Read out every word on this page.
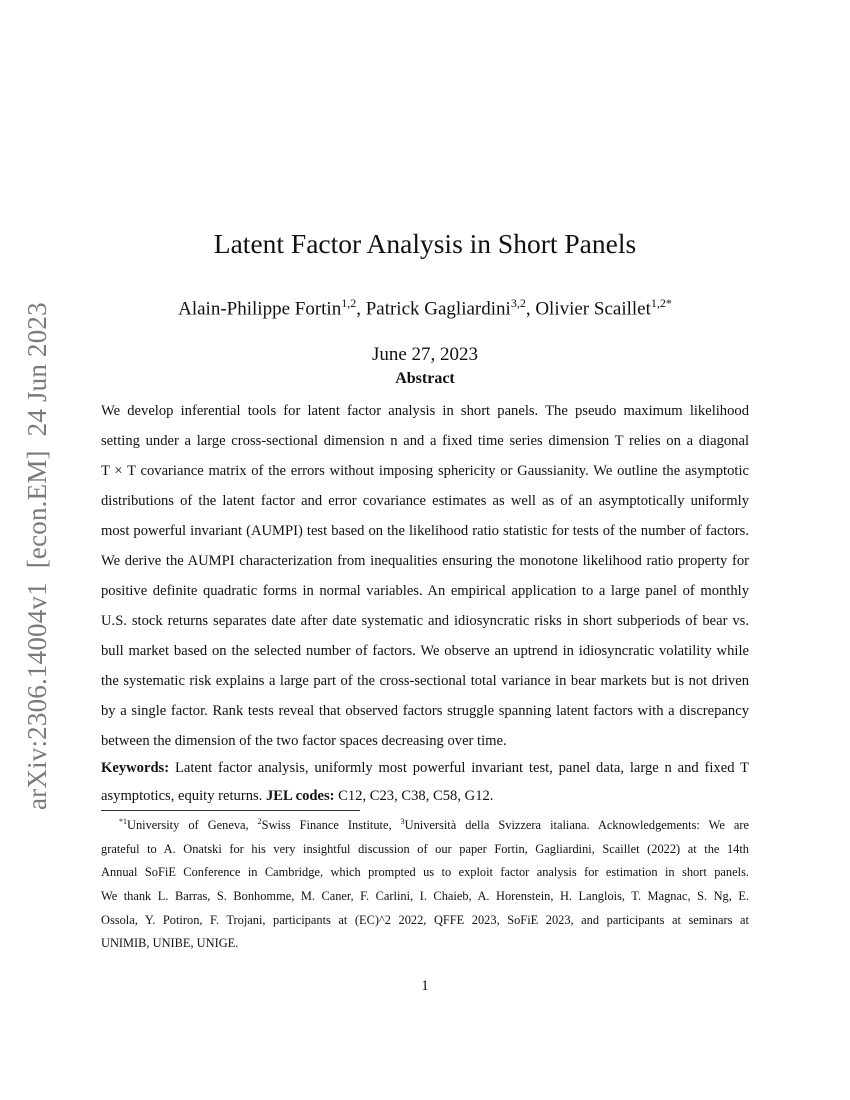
arXiv:2306.14004v1  [econ.EM]  24 Jun 2023
Latent Factor Analysis in Short Panels
Alain-Philippe Fortin$^{1,2}$, Patrick Gagliardini$^{3,2}$, Olivier Scaillet$^{1,2*}$
June 27, 2023
Abstract
We develop inferential tools for latent factor analysis in short panels. The pseudo maximum likelihood
setting under a large cross-sectional dimension n and a fixed time series dimension T relies on a diagonal
T × T covariance matrix of the errors without imposing sphericity or Gaussianity. We outline the asymptotic
distributions of the latent factor and error covariance estimates as well as of an asymptotically uniformly
most powerful invariant (AUMPI) test based on the likelihood ratio statistic for tests of the number of factors.
We derive the AUMPI characterization from inequalities ensuring the monotone likelihood ratio property for
positive definite quadratic forms in normal variables. An empirical application to a large panel of monthly
U.S. stock returns separates date after date systematic and idiosyncratic risks in short subperiods of bear vs.
bull market based on the selected number of factors. We observe an uptrend in idiosyncratic volatility while
the systematic risk explains a large part of the cross-sectional total variance in bear markets but is not driven
by a single factor. Rank tests reveal that observed factors struggle spanning latent factors with a discrepancy
between the dimension of the two factor spaces decreasing over time.
Keywords: Latent factor analysis, uniformly most powerful invariant test, panel data, large n and fixed T
asymptotics, equity returns. JEL codes: C12, C23, C38, C58, G12.
$^{*1}$University of Geneva, $^2$Swiss Finance Institute, $^3$Università della Svizzera italiana. Acknowledgements: We are
grateful to A. Onatski for his very insightful discussion of our paper Fortin, Gagliardini, Scaillet (2022) at the 14th
Annual SoFiE Conference in Cambridge, which prompted us to exploit factor analysis for estimation in short panels.
We thank L. Barras, S. Bonhomme, M. Caner, F. Carlini, I. Chaieb, A. Horenstein, H. Langlois, T. Magnac, S. Ng, E.
Ossola, Y. Potiron, F. Trojani, participants at (EC)^2 2022, QFFE 2023, SoFiE 2023, and participants at seminars at
UNIMIB, UNIBE, UNIGE.
1
